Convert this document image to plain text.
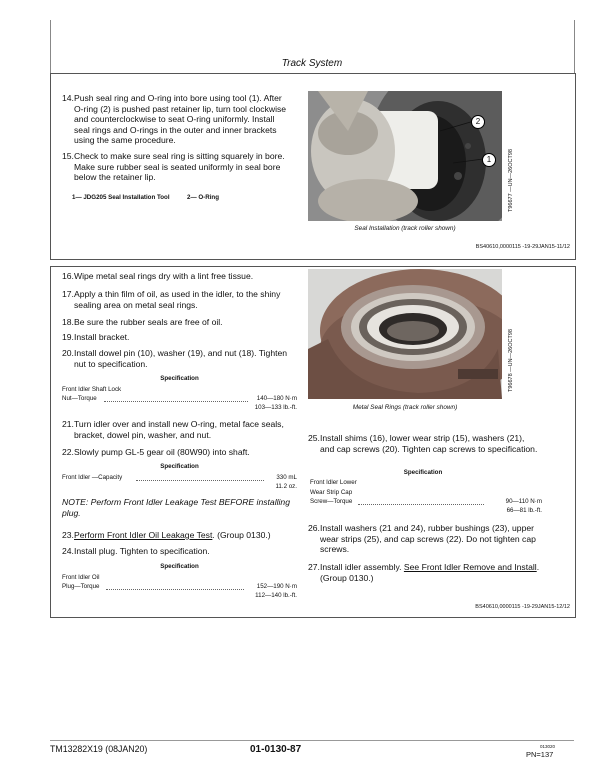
Track System
14. Push seal ring and O-ring into bore using tool (1). After O-ring (2) is pushed past retainer lip, turn tool clockwise and counterclockwise to seat O-ring uniformly. Install seal rings and O-rings in the outer and inner brackets using the same procedure.
15. Check to make sure seal ring is sitting squarely in bore. Make sure rubber seal is seated uniformly in seal bore below the retainer lip.
1— JDG205 Seal Installation Tool	2— O-Ring
2
1	T96677 —UN—26OCT98
Seal Installation (track roller shown)
BS40610,0000115 -19-29JAN15-11/12
16. Wipe metal seal rings dry with a lint free tissue.
17. Apply a thin film of oil, as used in the idler, to the shiny sealing area on metal seal rings.
18. Be sure the rubber seals are free of oil.
19. Install bracket.
20. Install dowel pin (10), washer (19), and nut (18). Tighten nut to specification.
Specification
Front Idler Shaft Lock
Nut—Torque	140—180 N·m
103—133 lb.-ft.
21. Turn idler over and install new O-ring, metal face seals, bracket, dowel pin, washer, and nut.
22. Slowly pump GL-5 gear oil (80W90) into shaft.
Specification
Front Idler —Capacity	330 mL
11.2 oz.
NOTE: Perform Front Idler Leakage Test BEFORE installing plug.
23. Perform Front Idler Oil Leakage Test. (Group 0130.)
24. Install plug. Tighten to specification.
Specification
Front Idler Oil
Plug—Torque	152—190 N·m
112—140 lb.-ft.
T96678 —UN—26OCT98
Metal Seal Rings (track roller shown)
25. Install shims (16), lower wear strip (15), washers (21), and cap screws (20). Tighten cap screws to specification.
Specification
Front Idler Lower
Wear Strip Cap
Screw—Torque	90—110 N·m
66—81 lb.-ft.
26. Install washers (21 and 24), rubber bushings (23), upper wear strips (25), and cap screws (22). Do not tighten cap screws.
27. Install idler assembly. See Front Idler Remove and Install. (Group 0130.)
BS40610,0000115 -19-29JAN15-12/12
TM13282X19 (08JAN20)	01-0130-87	013020
PN=137
